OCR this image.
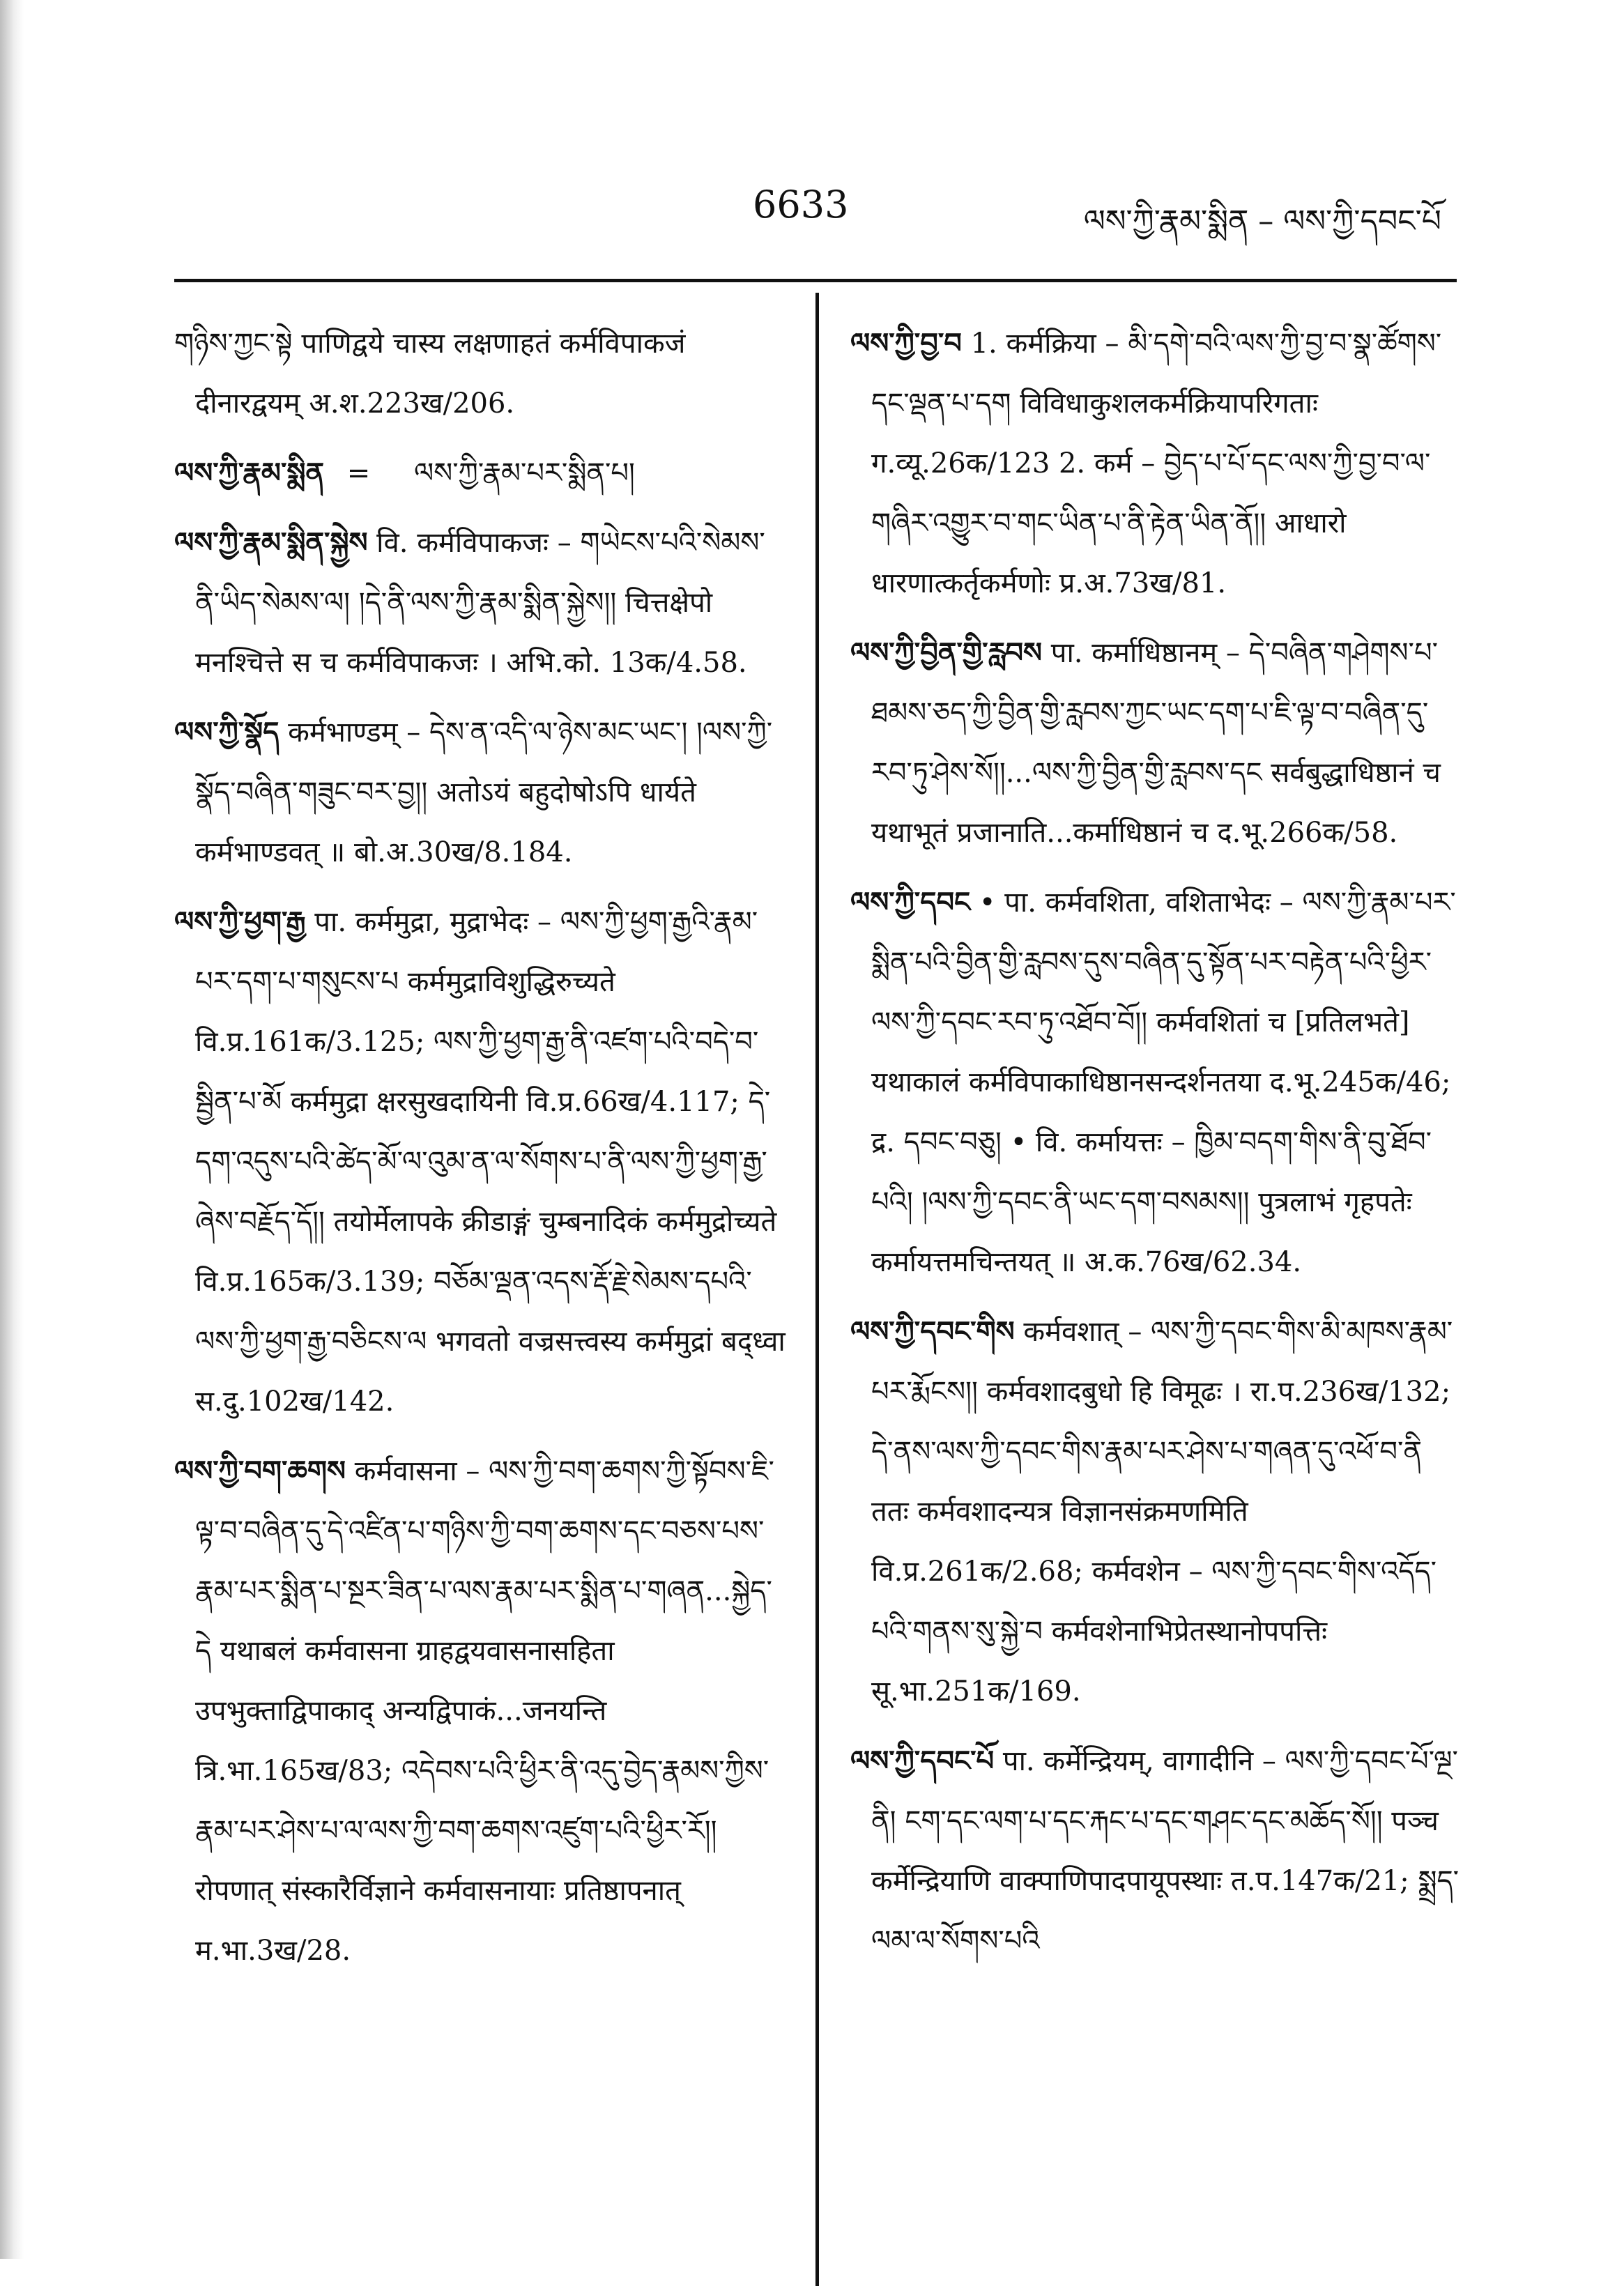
6633	ལས་ཀྱི་རྣམ་སྨིན – ལས་ཀྱི་དབང་པོ

གཉིས་ཀྱང་སྟེ पाणिद्वये चास्य लक्षणाहतं कर्मविपाकजं दीनारद्वयम् अ.श.223ख/206.

ལས་ཀྱི་རྣམ་སྨིན = ལས་ཀྱི་རྣམ་པར་སྨིན་པ།

ལས་ཀྱི་རྣམ་སྨིན་སྐྱེས वि. कर्मविपाकजः – གཡེངས་པའི་སེམས་ནི་ཡིད་སེམས་ལ། །དེ་ནི་ལས་ཀྱི་རྣམ་སྨིན་སྐྱེས།། चित्तक्षेपो मनश्चित्ते स च कर्मविपाकजः । अभि.को. 13क/4.58.

ལས་ཀྱི་སྣོད कर्मभाण्डम् – དེས་ན་འདི་ལ་ཉེས་མང་ཡང་། །ལས་ཀྱི་སྣོད་བཞིན་གཟུང་བར་བྱ།། अतोऽयं बहुदोषोऽपि धार्यते कर्मभाण्डवत् ॥ बो.अ.30ख/8.184.

ལས་ཀྱི་ཕྱག་རྒྱ पा. कर्ममुद्रा, मुद्राभेदः – ལས་ཀྱི་ཕྱག་རྒྱའི་རྣམ་པར་དག་པ་གསུངས་པ कर्ममुद्राविशुद्धिरुच्यते वि.प्र.161क/3.125; ལས་ཀྱི་ཕྱག་རྒྱ་ནི་འཛག་པའི་བདེ་བ་སྦྱིན་པ་མོ कर्ममुद्रा क्षरसुखदायिनी वि.प्र.66ख/4.117; དེ་དག་འདུས་པའི་ཚེད་མོ་ལ་འུམ་ན་ལ་སོགས་པ་ནི་ལས་ཀྱི་ཕྱག་རྒྱ་ཞེས་བརྗོད་དོ།། तयोर्मेलापके क्रीडाङ्गं चुम्बनादिकं कर्ममुद्रोच्यते वि.प्र.165क/3.139; བཅོམ་ལྡན་འདས་རྡོ་རྗེ་སེམས་དཔའི་ལས་ཀྱི་ཕྱག་རྒྱ་བཅིངས་ལ भगवतो वज्रसत्त्वस्य कर्ममुद्रां बद्ध्वा स.दु.102ख/142.

ལས་ཀྱི་བག་ཆགས कर्मवासना – ལས་ཀྱི་བག་ཆགས་ཀྱི་སྟོབས་ཇི་ལྟ་བ་བཞིན་དུ་དེ་འཛིན་པ་གཉིས་ཀྱི་བག་ཆགས་དང་བཅས་པས་རྣམ་པར་སྨིན་པ་སྔར་ཟིན་པ་ལས་རྣམ་པར་སྨིན་པ་གཞན...སྐྱེད་དེ यथाबलं कर्मवासना ग्राहद्वयवासनासहिता उपभुक्ताद्विपाकाद् अन्यद्विपाकं...जनयन्ति त्रि.भा.165ख/83; འདེབས་པའི་ཕྱིར་ནི་འདུ་བྱེད་རྣམས་ཀྱིས་རྣམ་པར་ཤེས་པ་ལ་ལས་ཀྱི་བག་ཆགས་འཛུག་པའི་ཕྱིར་རོ།། रोपणात् संस्कारैर्विज्ञाने कर्मवासनायाः प्रतिष्ठापनात् म.भा.3ख/28.

ལས་ཀྱི་བྱ་བ 1. कर्मक्रिया – མི་དགེ་བའི་ལས་ཀྱི་བྱ་བ་སྣ་ཚོགས་དང་ལྡན་པ་དག विविधाकुशलकर्मक्रियापरिगताः ग.व्यू.26क/123 2. कर्म – བྱེད་པ་པོ་དང་ལས་ཀྱི་བྱ་བ་ལ་གཞིར་འགྱུར་བ་གང་ཡིན་པ་ནི་རྟེན་ཡིན་ནོ།། आधारो धारणात्कर्तृकर्मणोः प्र.अ.73ख/81.

ལས་ཀྱི་བྱིན་གྱི་རླབས पा. कर्माधिष्ठानम् – དེ་བཞིན་གཤེགས་པ་ཐམས་ཅད་ཀྱི་བྱིན་གྱི་རླབས་ཀྱང་ཡང་དག་པ་ཇི་ལྟ་བ་བཞིན་དུ་རབ་ཏུ་ཤེས་སོ།།...ལས་ཀྱི་བྱིན་གྱི་རླབས་དང सर्वबुद्धाधिष्ठानं च यथाभूतं प्रजानाति...कर्माधिष्ठानं च द.भू.266क/58.

ལས་ཀྱི་དབང • पा. कर्मवशिता, वशिताभेदः – ལས་ཀྱི་རྣམ་པར་སྨིན་པའི་བྱིན་གྱི་རླབས་དུས་བཞིན་དུ་སྟོན་པར་བརྟེན་པའི་ཕྱིར་ལས་ཀྱི་དབང་རབ་ཏུ་འཐོབ་བོ།། कर्मवशितां च [प्रतिलभते] यथाकालं कर्मविपाकाधिष्ठानसन्दर्शनतया द.भू.245क/46; द्र. དབང་བཅུ། • वि. कर्मायत्तः – ཁྱིམ་བདག་གིས་ནི་བུ་ཐོབ་པའི། །ལས་ཀྱི་དབང་ནི་ཡང་དག་བསམས།། पुत्रलाभं गृहपतेः कर्मायत्तमचिन्तयत् ॥ अ.क.76ख/62.34.

ལས་ཀྱི་དབང་གིས कर्मवशात् – ལས་ཀྱི་དབང་གིས་མི་མཁས་རྣམ་པར་རྨོངས།། कर्मवशादबुधो हि विमूढः । रा.प.236ख/132; དེ་ནས་ལས་ཀྱི་དབང་གིས་རྣམ་པར་ཤེས་པ་གཞན་དུ་འཕོ་བ་ནི ततः कर्मवशादन्यत्र विज्ञानसंक्रमणमिति वि.प्र.261क/2.68; कर्मवशेन – ལས་ཀྱི་དབང་གིས་འདོད་པའི་གནས་སུ་སྐྱེ་བ कर्मवशेनाभिप्रेतस्थानोपपत्तिः सू.भा.251क/169.

ལས་ཀྱི་དབང་པོ पा. कर्मेन्द्रियम्, वागादीनि – ལས་ཀྱི་དབང་པོ་ལྔ་ནི། ངག་དང་ལག་པ་དང་རྐང་པ་དང་གཤང་དང་མཆོད་སོ།། पञ्च कर्मेन्द्रियाणि वाक्पाणिपादपायूपस्थाः त.प.147क/21; སྨྲད་ལམ་ལ་སོགས་པའི
